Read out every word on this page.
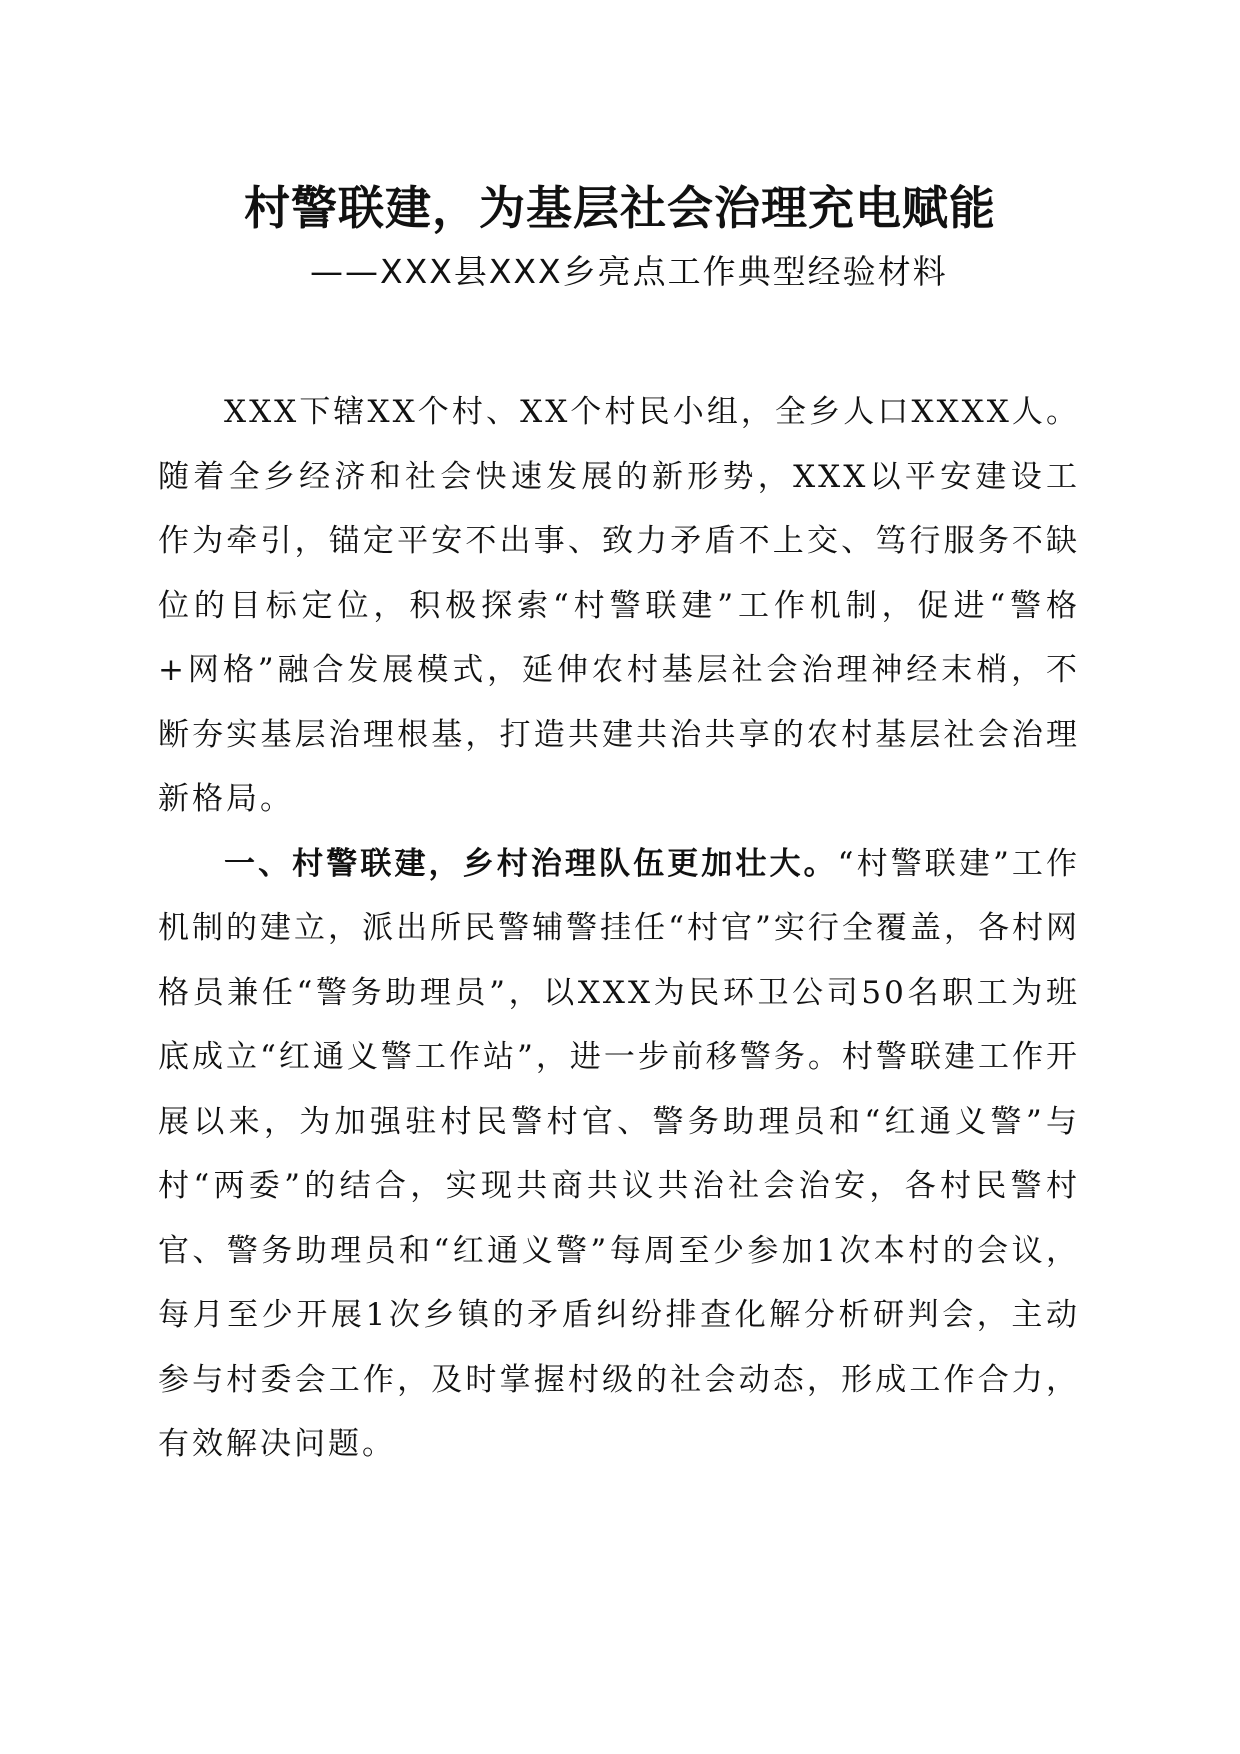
村警联建，为基层社会治理充电赋能
——XXX县XXX乡亮点工作典型经验材料

XXX下辖XX个村、XX个村民小组，全乡人口XXXX人。随着全乡经济和社会快速发展的新形势，XXX以平安建设工作为牵引，锚定平安不出事、致力矛盾不上交、笃行服务不缺位的目标定位，积极探索“村警联建”工作机制，促进“警格+网格”融合发展模式，延伸农村基层社会治理神经末梢，不断夯实基层治理根基，打造共建共治共享的农村基层社会治理新格局。

一、村警联建，乡村治理队伍更加壮大。“村警联建”工作机制的建立，派出所民警辅警挂任“村官”实行全覆盖，各村网格员兼任“警务助理员”，以XXX为民环卫公司50名职工为班底成立“红通义警工作站”，进一步前移警务。村警联建工作开展以来，为加强驻村民警村官、警务助理员和“红通义警”与村“两委”的结合，实现共商共议共治社会治安，各村民警村官、警务助理员和“红通义警”每周至少参加1次本村的会议，每月至少开展1次乡镇的矛盾纠纷排查化解分析研判会，主动参与村委会工作，及时掌握村级的社会动态，形成工作合力，有效解决问题。
